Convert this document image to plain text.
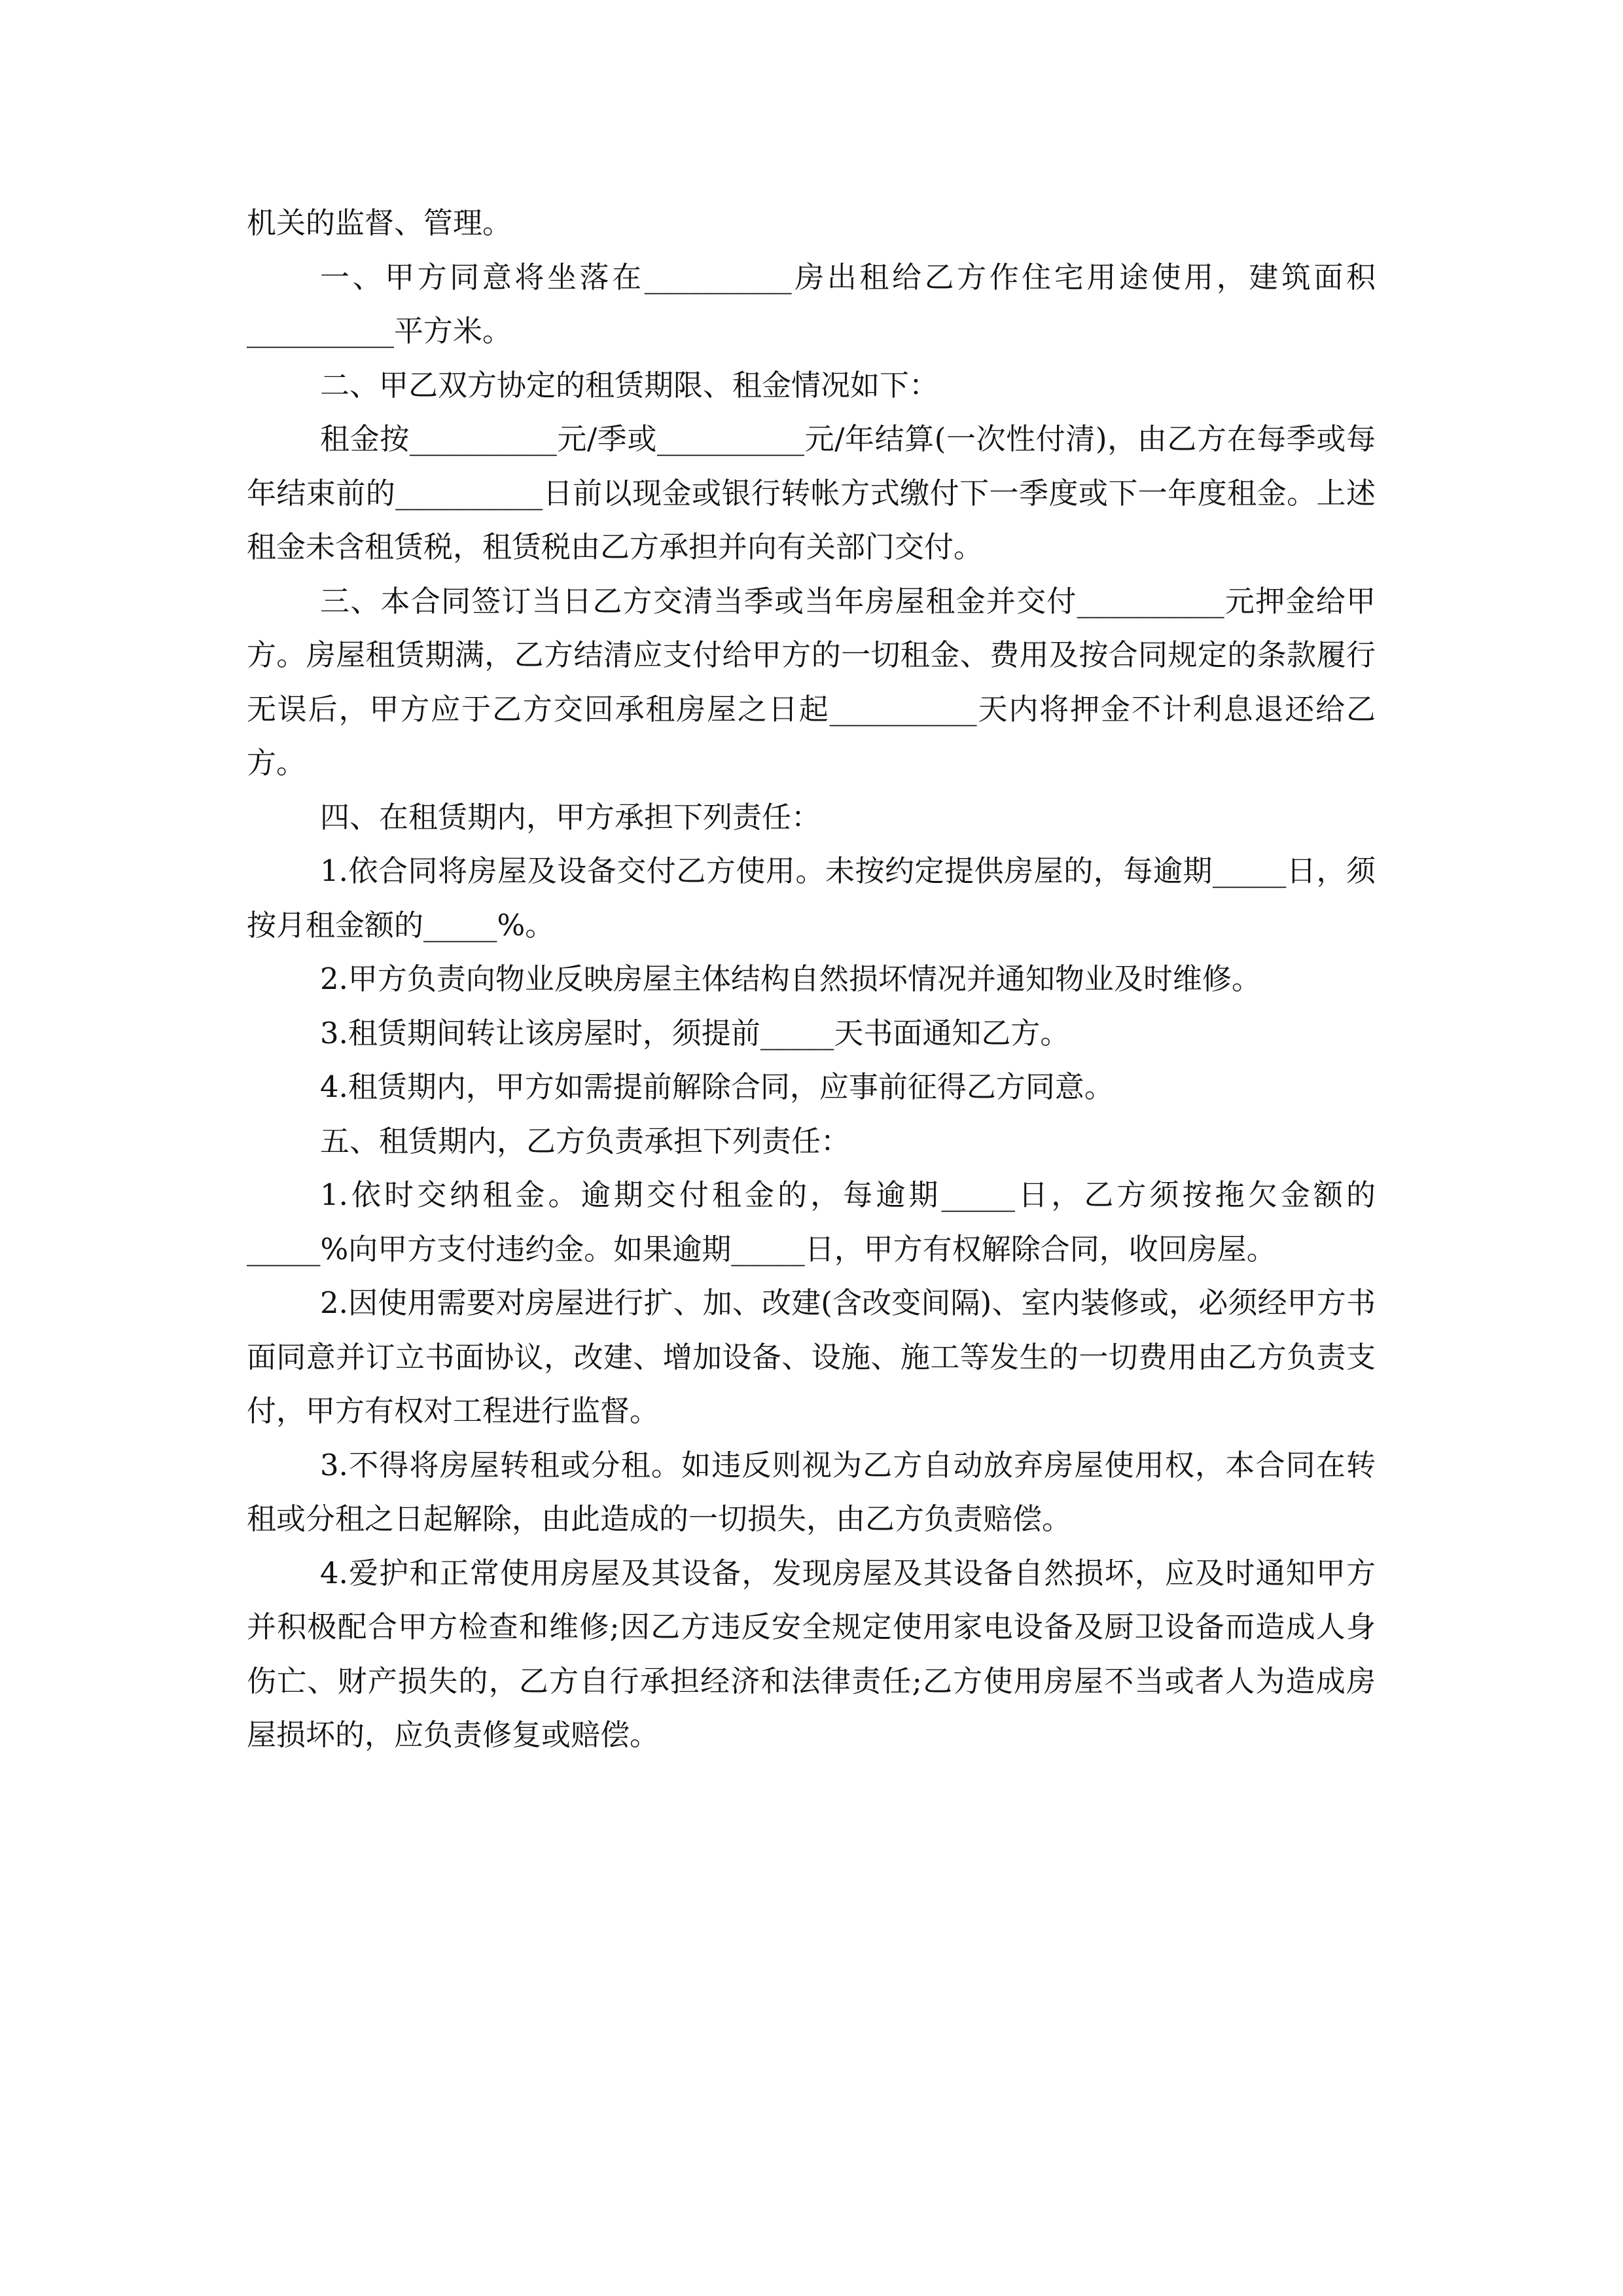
机关的监督、管理。

一、甲方同意将坐落在__________房出租给乙方作住宅用途使用，建筑面积__________平方米。

二、甲乙双方协定的租赁期限、租金情况如下：

租金按__________元/季或__________元/年结算(一次性付清)，由乙方在每季或每年结束前的__________日前以现金或银行转帐方式缴付下一季度或下一年度租金。上述租金未含租赁税，租赁税由乙方承担并向有关部门交付。

三、本合同签订当日乙方交清当季或当年房屋租金并交付__________元押金给甲方。房屋租赁期满，乙方结清应支付给甲方的一切租金、费用及按合同规定的条款履行无误后，甲方应于乙方交回承租房屋之日起__________天内将押金不计利息退还给乙方。

四、在租赁期内，甲方承担下列责任：

1.依合同将房屋及设备交付乙方使用。未按约定提供房屋的，每逾期_____日，须按月租金额的_____%。

2.甲方负责向物业反映房屋主体结构自然损坏情况并通知物业及时维修。

3.租赁期间转让该房屋时，须提前_____天书面通知乙方。

4.租赁期内，甲方如需提前解除合同，应事前征得乙方同意。

五、租赁期内，乙方负责承担下列责任：

1.依时交纳租金。逾期交付租金的，每逾期_____日，乙方须按拖欠金额的_____%向甲方支付违约金。如果逾期_____日，甲方有权解除合同，收回房屋。

2.因使用需要对房屋进行扩、加、改建(含改变间隔)、室内装修或，必须经甲方书面同意并订立书面协议，改建、增加设备、设施、施工等发生的一切费用由乙方负责支付，甲方有权对工程进行监督。

3.不得将房屋转租或分租。如违反则视为乙方自动放弃房屋使用权，本合同在转租或分租之日起解除，由此造成的一切损失，由乙方负责赔偿。

4.爱护和正常使用房屋及其设备，发现房屋及其设备自然损坏，应及时通知甲方并积极配合甲方检查和维修;因乙方违反安全规定使用家电设备及厨卫设备而造成人身伤亡、财产损失的，乙方自行承担经济和法律责任;乙方使用房屋不当或者人为造成房屋损坏的，应负责修复或赔偿。
